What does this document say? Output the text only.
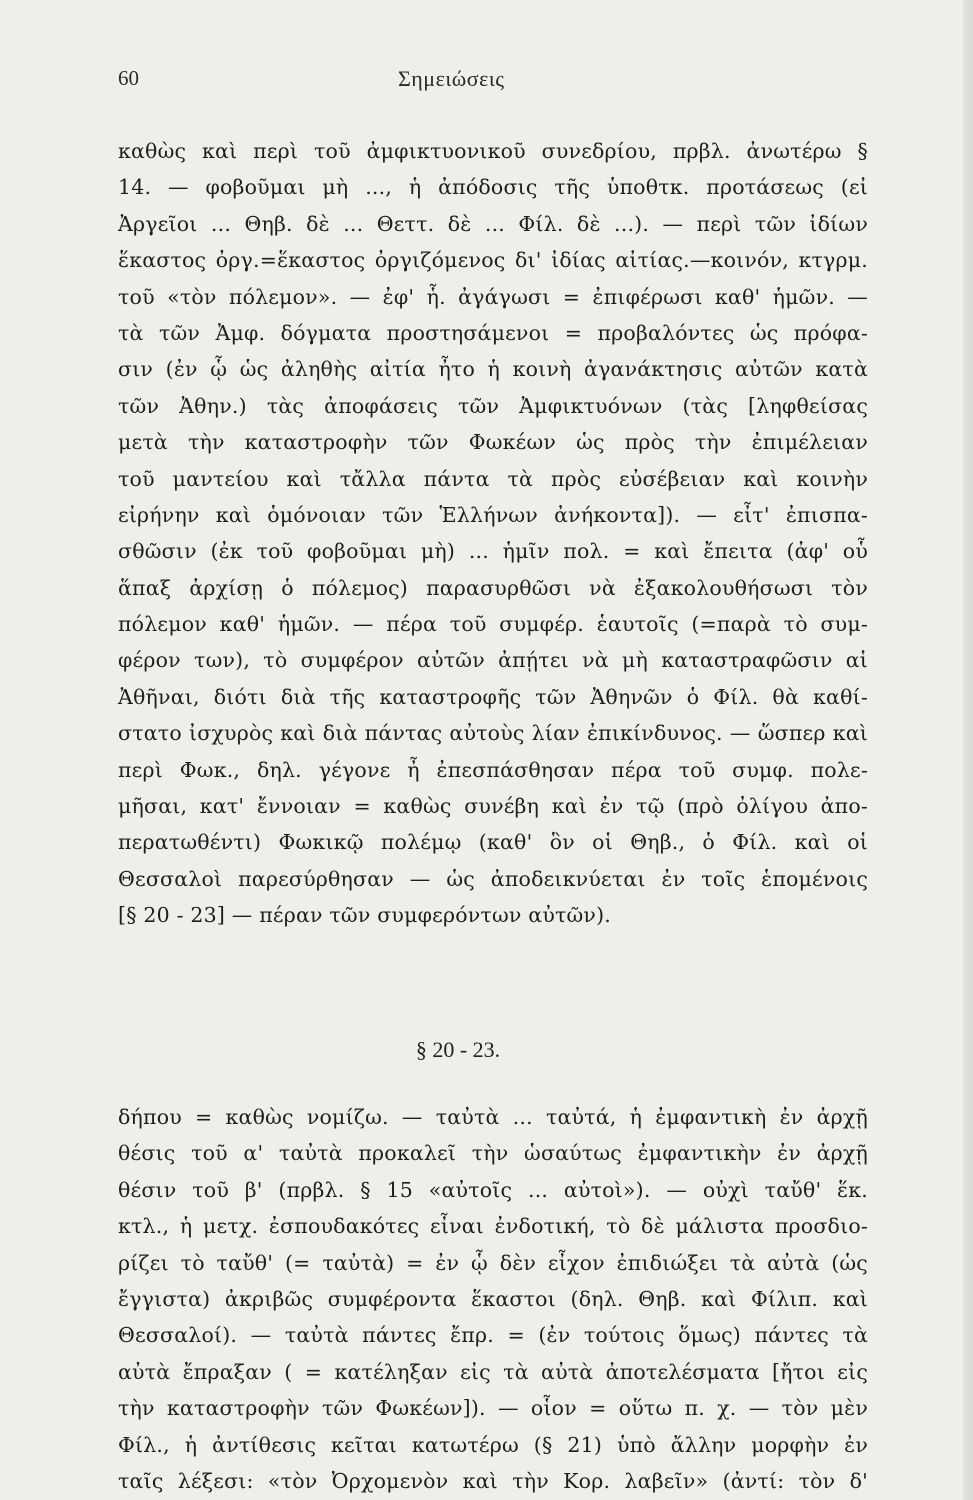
60	Σημειώσεις
καθὼς καὶ περὶ τοῦ ἀμφικτυονικοῦ συνεδρίου, πρβλ. ἀνωτέρω §
14. — φοβοῦμαι μὴ ..., ἡ ἀπόδοσις τῆς ὑποθτκ. προτάσεως (εἰ
Ἀργεῖοι ... Θηβ. δὲ ... Θεττ. δὲ ... Φίλ. δὲ ...). — περὶ τῶν ἰδίων
ἕκαστος ὀργ.=ἕκαστος ὀργιζόμενος δι' ἰδίας αἰτίας.—κοινόν, κτγρμ.
τοῦ «τὸν πόλεμον». — ἐφ' ἧ. ἀγάγωσι = ἐπιφέρωσι καθ' ἡμῶν. —
τὰ τῶν Ἀμφ. δόγματα προστησάμενοι = προβαλόντες ὡς πρόφα-
σιν (ἐν ᾧ ὡς ἀληθὴς αἰτία ἦτο ἡ κοινὴ ἀγανάκτησις αὐτῶν κατὰ
τῶν Ἀθην.) τὰς ἀποφάσεις τῶν Ἀμφικτυόνων (τὰς [ληφθείσας
μετὰ τὴν καταστροφὴν τῶν Φωκέων ὡς πρὸς τὴν ἐπιμέλειαν
τοῦ μαντείου καὶ τἄλλα πάντα τὰ πρὸς εὐσέβειαν καὶ κοινὴν
εἰρήνην καὶ ὁμόνοιαν τῶν Ἑλλήνων ἀνήκοντα]). — εἶτ' ἐπισπα-
σθῶσιν (ἐκ τοῦ φοβοῦμαι μὴ) ... ἡμῖν πολ. = καὶ ἔπειτα (ἀφ' οὗ
ἅπαξ ἀρχίσῃ ὁ πόλεμος) παρασυρθῶσι νὰ ἐξακολουθήσωσι τὸν
πόλεμον καθ' ἡμῶν. — πέρα τοῦ συμφέρ. ἑαυτοῖς (=παρὰ τὸ συμ-
φέρον των), τὸ συμφέρον αὐτῶν ἀπῄτει νὰ μὴ καταστραφῶσιν αἱ
Ἀθῆναι, διότι διὰ τῆς καταστροφῆς τῶν Ἀθηνῶν ὁ Φίλ. θὰ καθί-
στατο ἰσχυρὸς καὶ διὰ πάντας αὐτοὺς λίαν ἐπικίνδυνος. — ὥσπερ καὶ
περὶ Φωκ., δηλ. γέγονε ἦ ἐπεσπάσθησαν πέρα τοῦ συμφ. πολε-
μῆσαι, κατ' ἔννοιαν = καθὼς συνέβη καὶ ἐν τῷ (πρὸ ὀλίγου ἀπο-
περατωθέντι) Φωκικῷ πολέμῳ (καθ' ὃν οἱ Θηβ., ὁ Φίλ. καὶ οἱ
Θεσσαλοὶ παρεσύρθησαν — ὡς ἀποδεικνύεται ἐν τοῖς ἑπομένοις
[§ 20 - 23] — πέραν τῶν συμφερόντων αὐτῶν).
§ 20 - 23.
δήπου = καθὼς νομίζω. — ταὐτὰ ... ταὐτά, ἡ ἐμφαντικὴ ἐν ἀρχῇ
θέσις τοῦ α' ταὐτὰ προκαλεῖ τὴν ὡσαύτως ἐμφαντικὴν ἐν ἀρχῇ
θέσιν τοῦ β' (πρβλ. § 15 «αὐτοῖς ... αὐτοὶ»). — οὐχὶ ταὔθ' ἕκ.
κτλ., ἡ μετχ. ἐσπουδακότες εἶναι ἐνδοτική, τὸ δὲ μάλιστα προσδιο-
ρίζει τὸ ταὔθ' (= ταὐτὰ) = ἐν ᾧ δὲν εἶχον ἐπιδιώξει τὰ αὐτὰ (ὡς
ἔγγιστα) ἀκριβῶς συμφέροντα ἕκαστοι (δηλ. Θηβ. καὶ Φίλιπ. καὶ
Θεσσαλοί). — ταὐτὰ πάντες ἔπρ. = (ἐν τούτοις ὅμως) πάντες τὰ
αὐτὰ ἔπραξαν ( = κατέληξαν εἰς τὰ αὐτὰ ἀποτελέσματα [ἤτοι εἰς
τὴν καταστροφὴν τῶν Φωκέων]). — οἷον = οὕτω π. χ. — τὸν μὲν
Φίλ., ἡ ἀντίθεσις κεῖται κατωτέρω (§ 21) ὑπὸ ἄλλην μορφὴν ἐν
ταῖς λέξεσι: «τὸν Ὀρχομενὸν καὶ τὴν Κορ. λαβεῖν» (ἀντί: τὸν δ'
